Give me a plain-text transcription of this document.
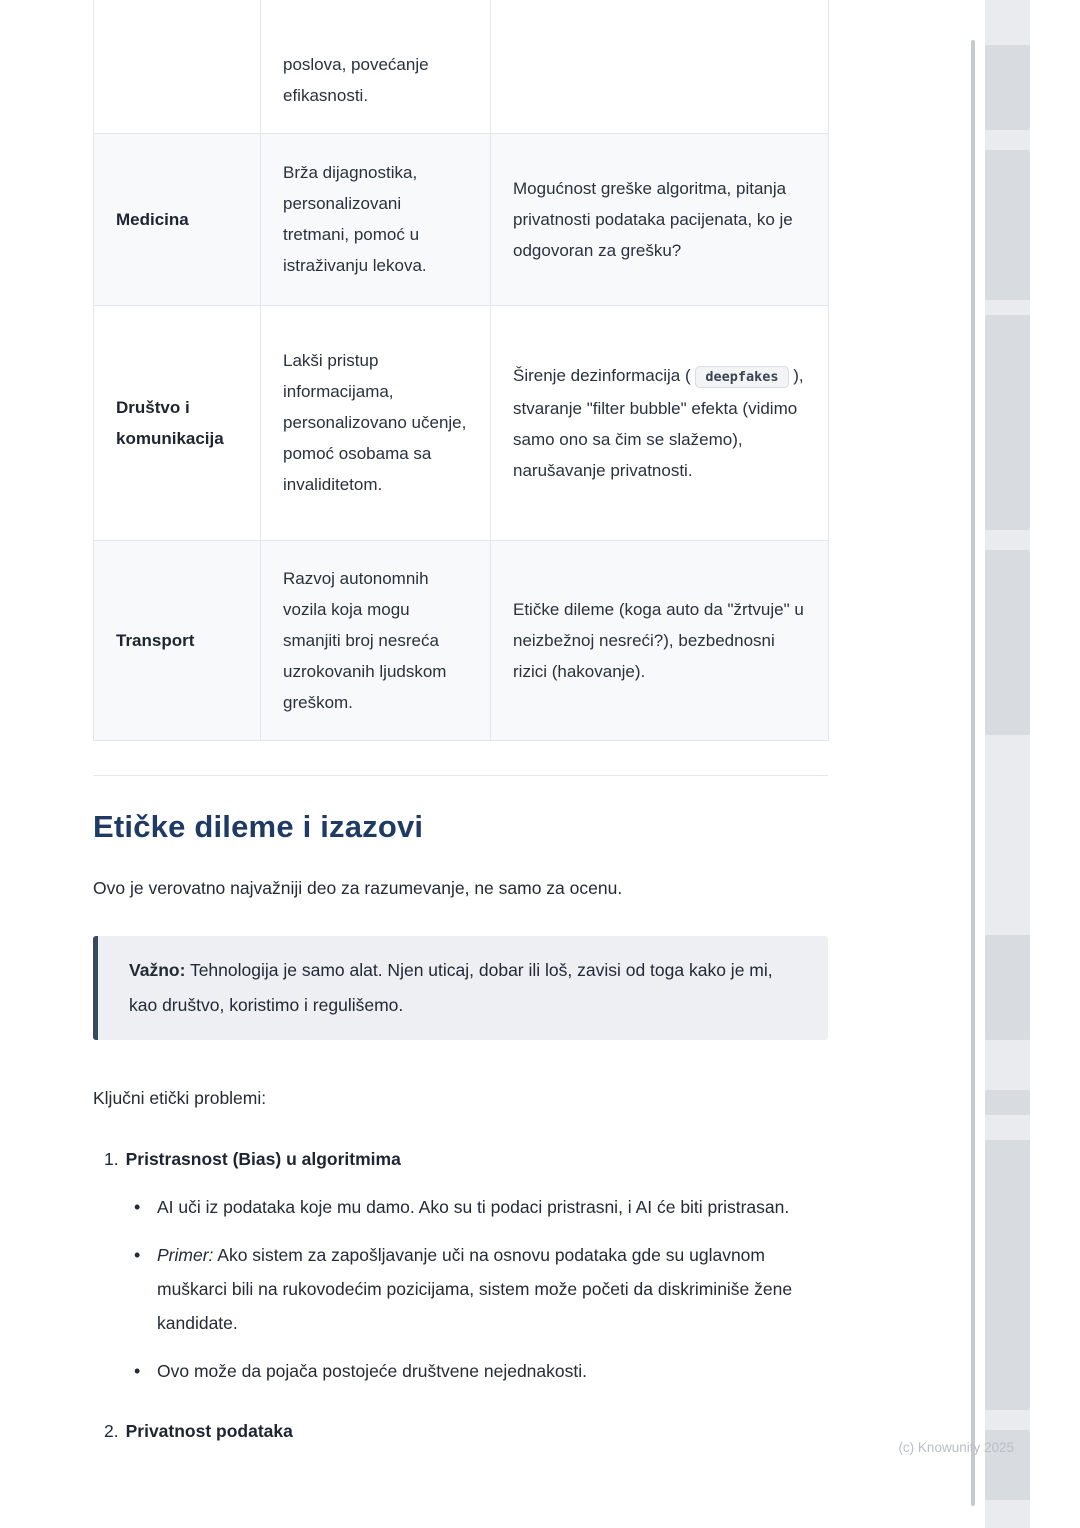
	poslova, povećanje efikasnosti.	
Medicina	Brža dijagnostika, personalizovani tretmani, pomoć u istraživanju lekova.	Mogućnost greške algoritma, pitanja privatnosti podataka pacijenata, ko je odgovoran za grešku?
Društvo i komunikacija	Lakši pristup informacijama, personalizovano učenje, pomoć osobama sa invaliditetom.	Širenje dezinformacija ( deepfakes ), stvaranje "filter bubble" efekta (vidimo samo ono sa čim se slažemo), narušavanje privatnosti.
Transport	Razvoj autonomnih vozila koja mogu smanjiti broj nesreća uzrokovanih ljudskom greškom.	Etičke dileme (koga auto da "žrtvuje" u neizbežnoj nesreći?), bezbednosni rizici (hakovanje).
Etičke dileme i izazovi

Ovo je verovatno najvažniji deo za razumevanje, ne samo za ocenu.

Važno: Tehnologija je samo alat. Njen uticaj, dobar ili loš, zavisi od toga kako je mi, kao društvo, koristimo i regulišemo.

Ključni etički problemi:

1. Pristrasnost (Bias) u algoritmima
• AI uči iz podataka koje mu damo. Ako su ti podaci pristrasni, i AI će biti pristrasan.
• Primer: Ako sistem za zapošljavanje uči na osnovu podataka gde su uglavnom muškarci bili na rukovodećim pozicijama, sistem može početi da diskriminiše žene kandidate.
• Ovo može da pojača postojeće društvene nejednakosti.
2. Privatnost podataka
(c) Knowunity 2025
